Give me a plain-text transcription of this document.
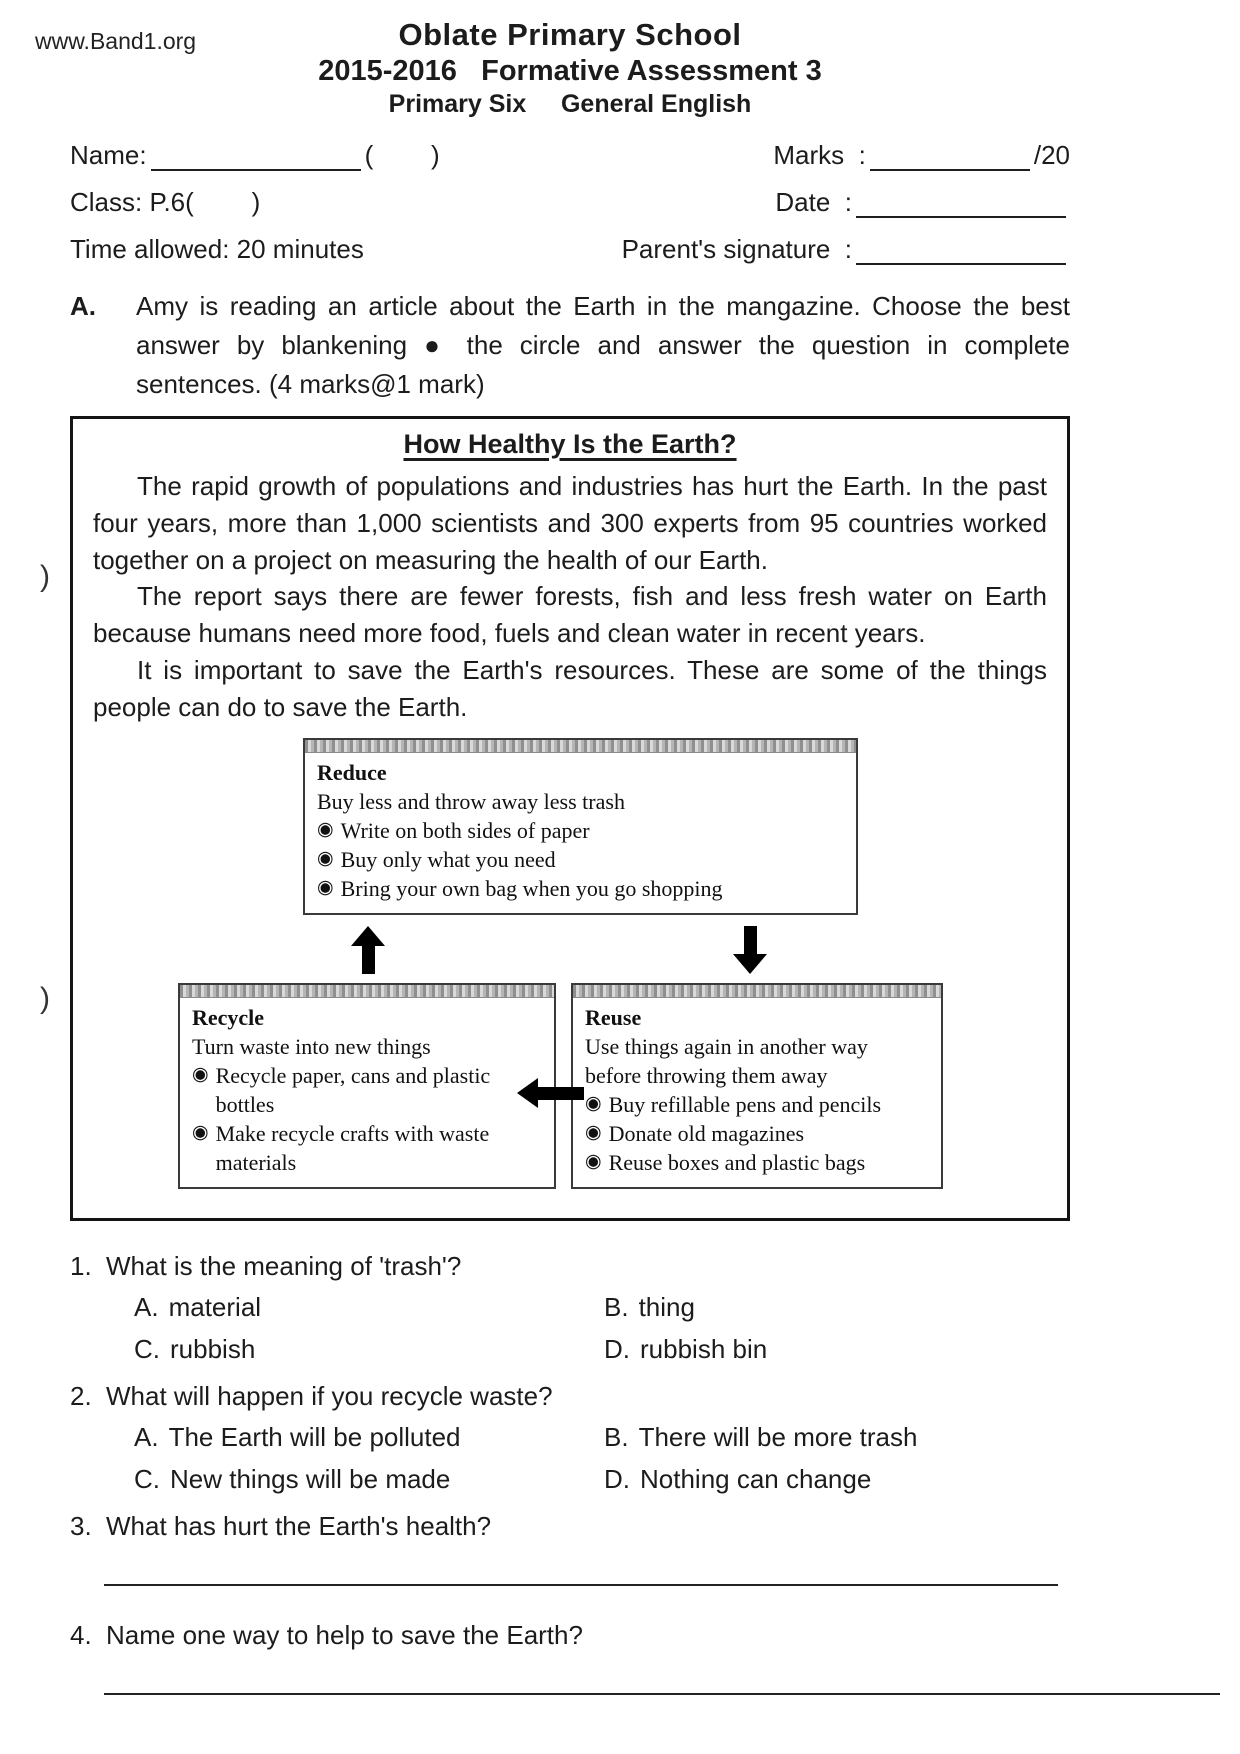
www.Band1.org
)
)
Oblate Primary School
2015-2016   Formative Assessment 3
Primary Six     General English
Name:	(        )	Marks  :	/20
Class: P.6(        )	Date  :
Time allowed: 20 minutes	Parent's signature  :
A.	Amy is reading an article about the Earth in the mangazine. Choose the best answer by blankening ● the circle and answer the question in complete sentences. (4 marks@1 mark)
How Healthy Is the Earth?

The rapid growth of populations and industries has hurt the Earth. In the past four years, more than 1,000 scientists and 300 experts from 95 countries worked together on a project on measuring the health of our Earth.

The report says there are fewer forests, fish and less fresh water on Earth because humans need more food, fuels and clean water in recent years.

It is important to save the Earth's resources. These are some of the things people can do to save the Earth.

Reduce
Buy less and throw away less trash
◉ Write on both sides of paper
◉ Buy only what you need
◉ Bring your own bag when you go shopping
Recycle
Turn waste into new things
◉ Recycle paper, cans and plastic bottles
◉ Make recycle crafts with waste materials
Reuse
Use things again in another way before throwing them away
◉ Buy refillable pens and pencils
◉ Donate old magazines
◉ Reuse boxes and plastic bags
1. What is the meaning of 'trash'?
A. material	B. thing
C. rubbish	D. rubbish bin
2. What will happen if you recycle waste?
A. The Earth will be polluted	B. There will be more trash
C. New things will be made	D. Nothing can change
3. What has hurt the Earth's health?
4. Name one way to help to save the Earth?
